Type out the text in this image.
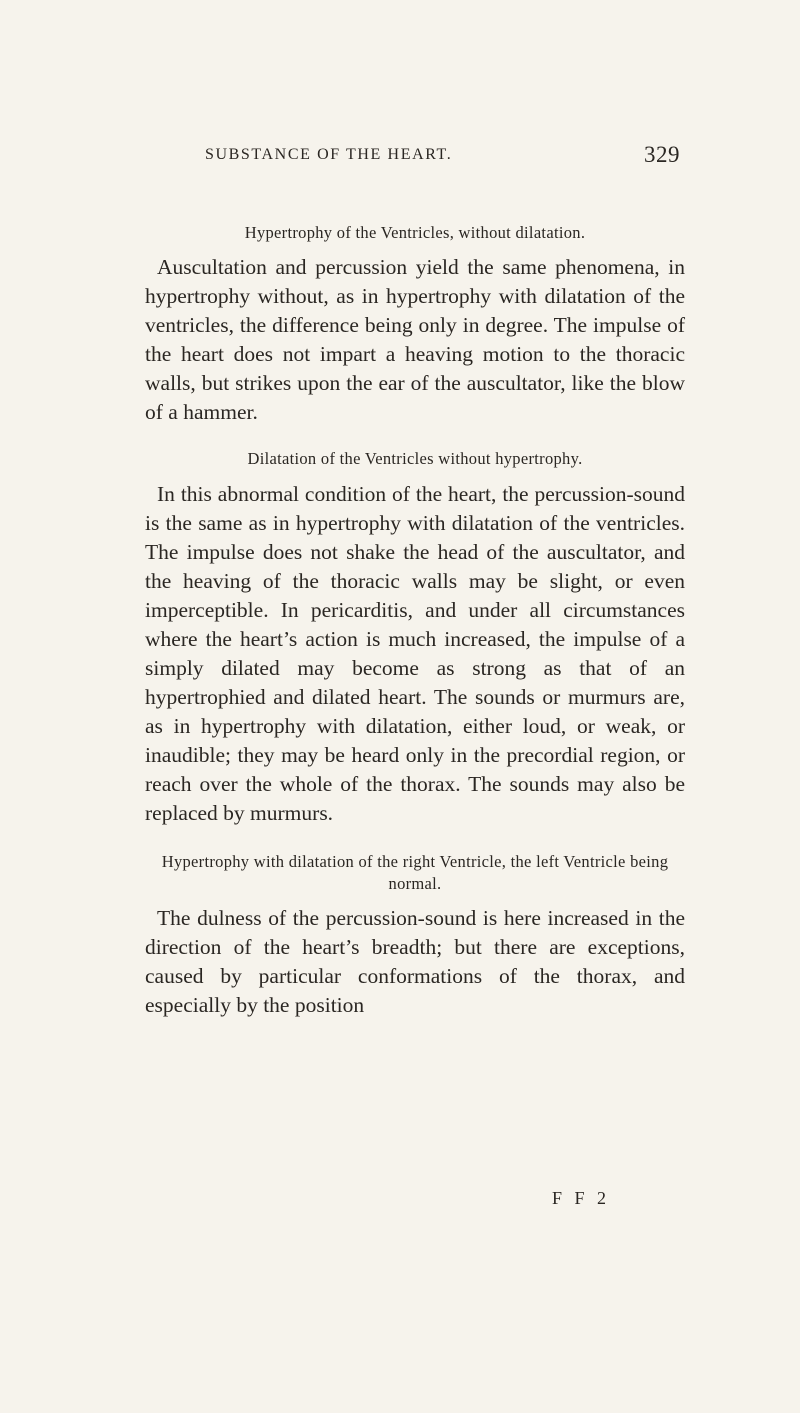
SUBSTANCE OF THE HEART.	329

Hypertrophy of the Ventricles, without dilatation.

Auscultation and percussion yield the same phenomena, in hypertrophy without, as in hypertrophy with dilatation of the ventricles, the difference being only in degree. The impulse of the heart does not impart a heaving motion to the thoracic walls, but strikes upon the ear of the auscultator, like the blow of a hammer.

Dilatation of the Ventricles without hypertrophy.

In this abnormal condition of the heart, the percussion-sound is the same as in hypertrophy with dilatation of the ventricles. The impulse does not shake the head of the auscultator, and the heaving of the thoracic walls may be slight, or even imperceptible. In pericarditis, and under all circumstances where the heart’s action is much increased, the impulse of a simply dilated may become as strong as that of an hypertrophied and dilated heart. The sounds or murmurs are, as in hypertrophy with dilatation, either loud, or weak, or inaudible; they may be heard only in the precordial region, or reach over the whole of the thorax. The sounds may also be replaced by murmurs.

Hypertrophy with dilatation of the right Ventricle, the left Ventricle being normal.

The dulness of the percussion-sound is here increased in the direction of the heart’s breadth; but there are exceptions, caused by particular conformations of the thorax, and especially by the position

F F 2
